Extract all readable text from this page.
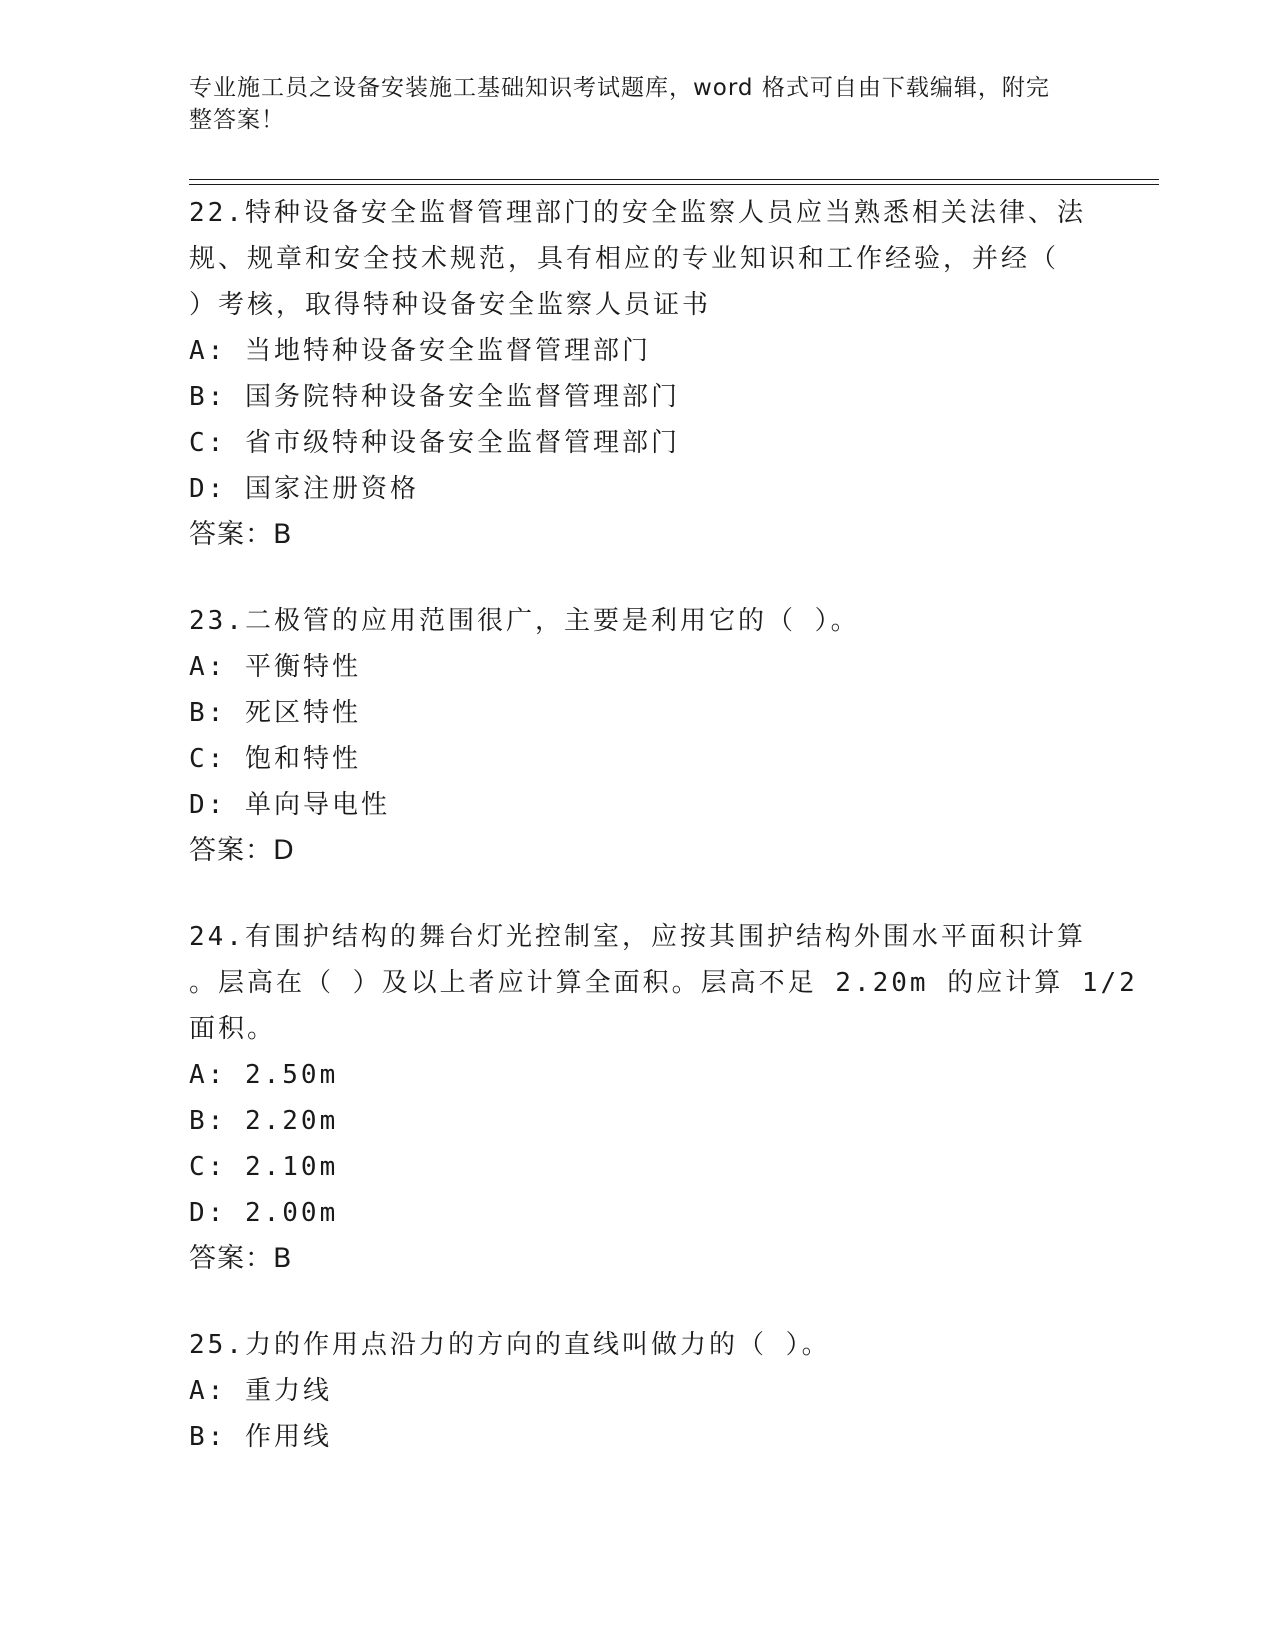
专业施工员之设备安装施工基础知识考试题库，word 格式可自由下载编辑，附完
整答案！
22.特种设备安全监督管理部门的安全监察人员应当熟悉相关法律、法
规、规章和安全技术规范，具有相应的专业知识和工作经验，并经（
）考核，取得特种设备安全监察人员证书
A: 当地特种设备安全监督管理部门
B: 国务院特种设备安全监督管理部门
C: 省市级特种设备安全监督管理部门
D: 国家注册资格
答案：B
23.二极管的应用范围很广，主要是利用它的（ ）。
A: 平衡特性
B: 死区特性
C: 饱和特性
D: 单向导电性
答案：D
24.有围护结构的舞台灯光控制室，应按其围护结构外围水平面积计算
。层高在（ ）及以上者应计算全面积。层高不足 2.20m 的应计算 1/2
面积。
A: 2.50m
B: 2.20m
C: 2.10m
D: 2.00m
答案：B
25.力的作用点沿力的方向的直线叫做力的（ ）。
A: 重力线
B: 作用线
